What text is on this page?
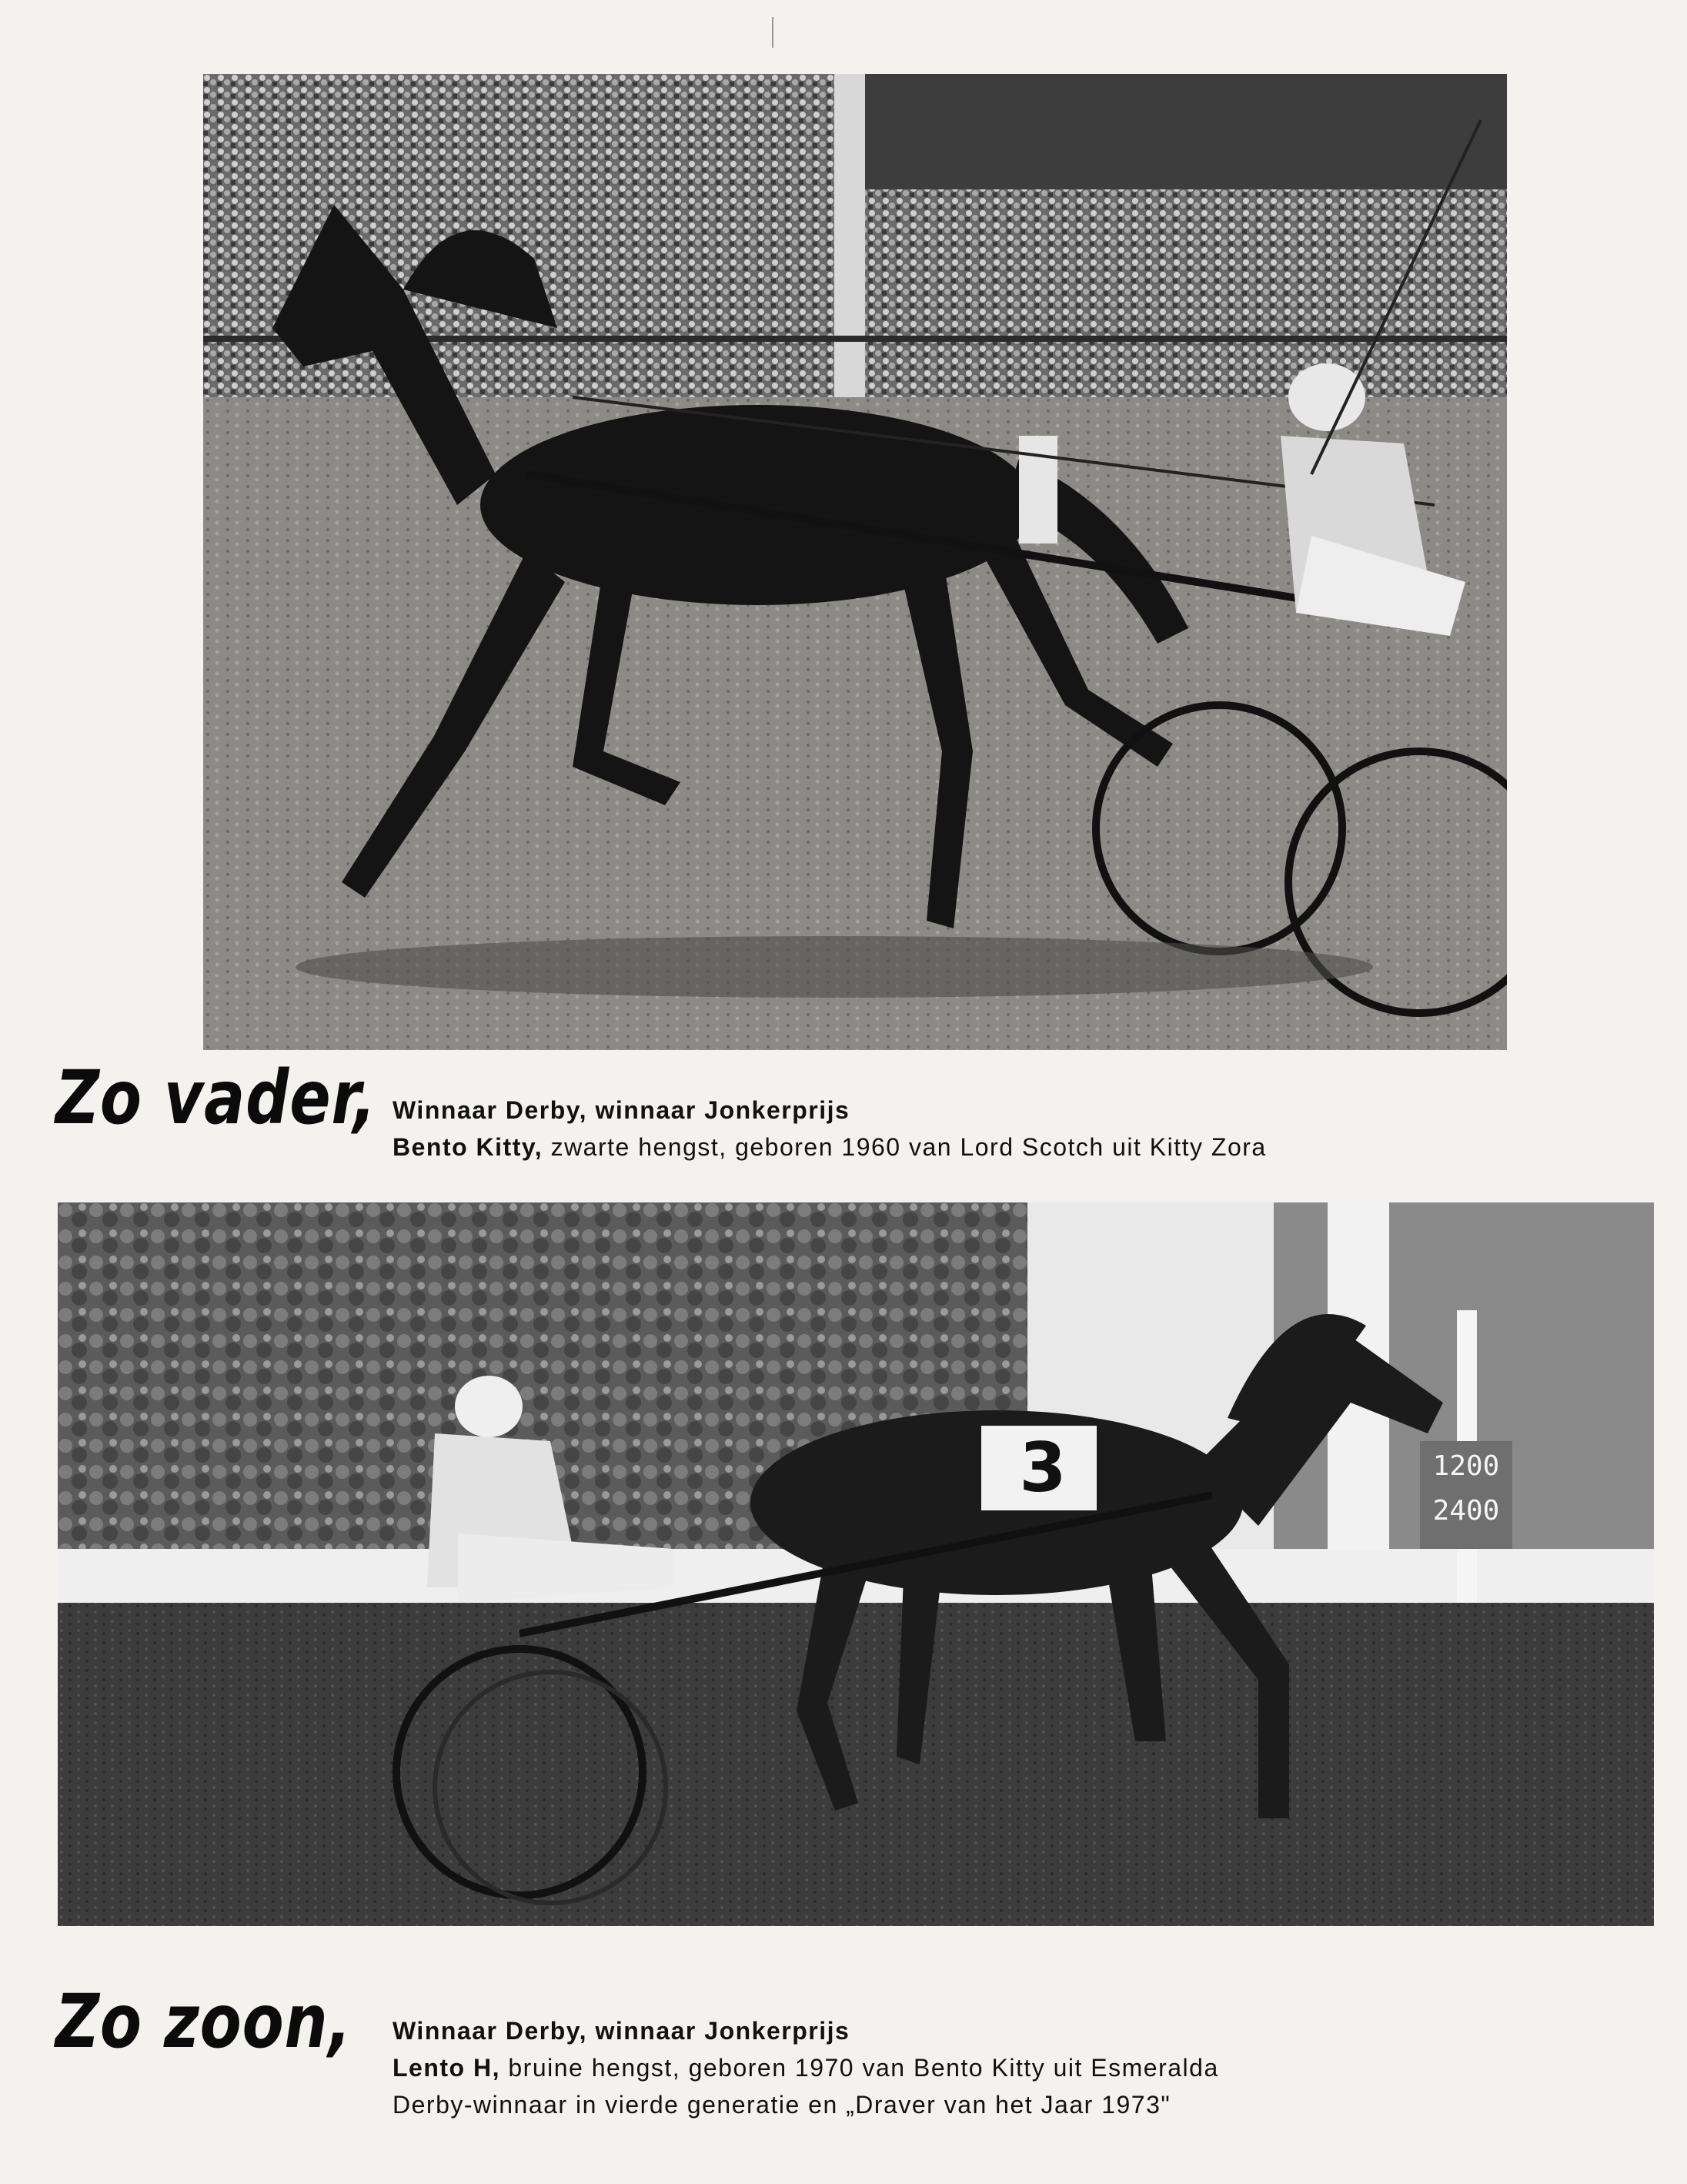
Zo vader, Winnaar Derby, winnaar Jonkerprijs
Bento Kitty, zwarte hengst, geboren 1960 van Lord Scotch uit Kitty Zora
3	1200
2400
Zo zoon, Winnaar Derby, winnaar Jonkerprijs
Lento H, bruine hengst, geboren 1970 van Bento Kitty uit Esmeralda
Derby-winnaar in vierde generatie en „Draver van het Jaar 1973"
